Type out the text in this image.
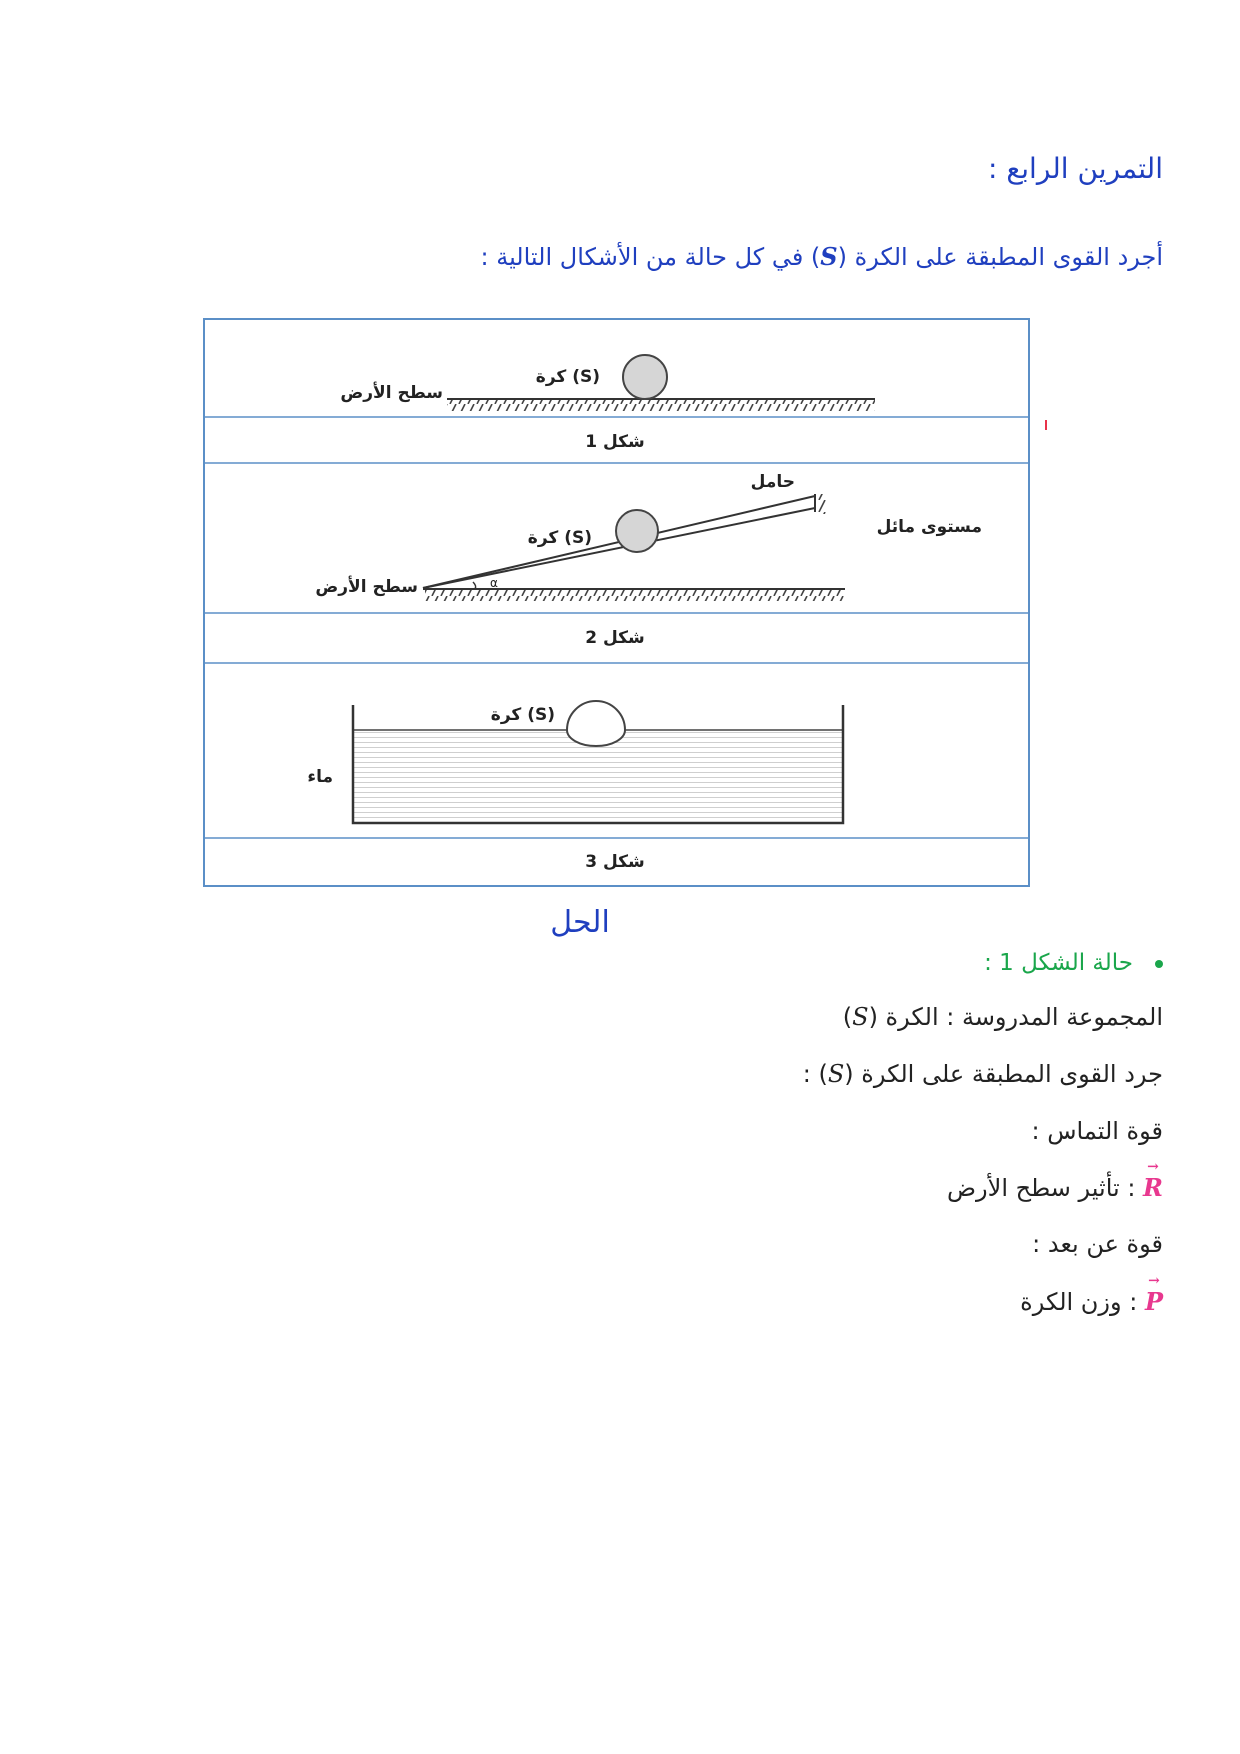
التمرين الرابع :
أجرد القوى المطبقة على الكرة (S) في كل حالة من الأشكال التالية :
كرة (S)
سطح الأرض
شكل 1
α
كرة (S)
سطح الأرض
حامل
مستوى مائل
شكل 2
كرة (S)
ماء
شكل 3
الحل
حالة الشكل 1 :
المجموعة المدروسة : الكرة (S)
جرد القوى المطبقة على الكرة (S) :
قوة التماس :
→
R : تأثير سطح الأرض
قوة عن بعد :
→
P : وزن الكرة
